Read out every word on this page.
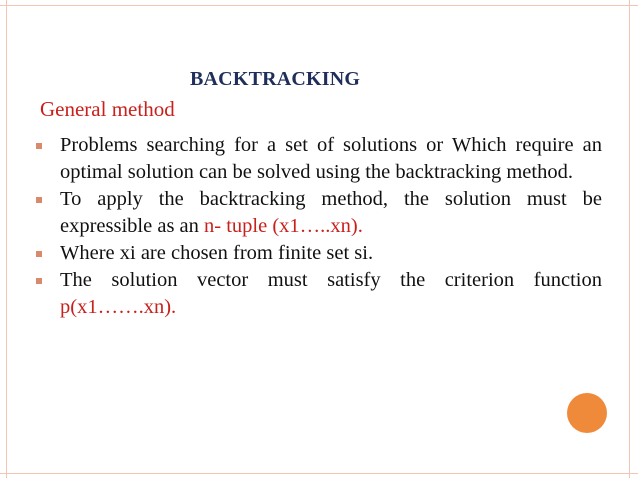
BACKTRACKING
General method
Problems searching for a set of solutions or Which require an optimal solution can be solved using the backtracking method.
To apply the backtracking method, the solution must be expressible as an n- tuple (x1…..xn).
Where xi are chosen from finite set si.
The solution vector must satisfy the criterion function p(x1…….xn).
